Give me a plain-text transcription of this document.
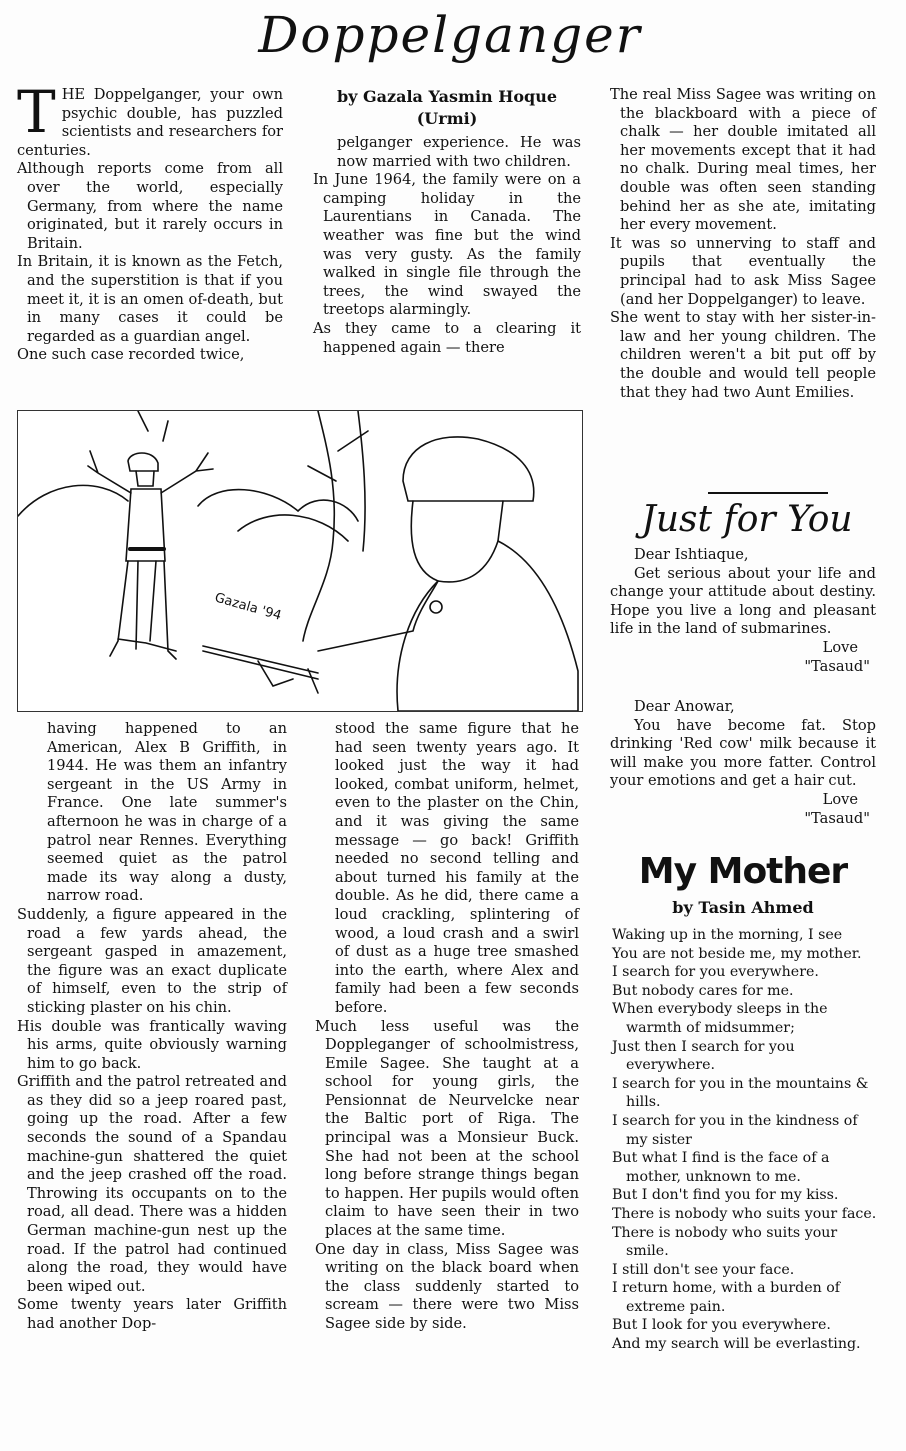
Doppelganger
T HE Doppelganger, your own psychic double, has puzzled scientists and researchers for centuries.

Although reports come from all over the world, especially Germany, from where the name originated, but it rarely occurs in Britain.

In Britain, it is known as the Fetch, and the superstition is that if you meet it, it is an omen of-death, but in many cases it could be regarded as a guardian angel.

One such case recorded twice,

by Gazala Yasmin Hoque
(Urmi)

pelganger experience. He was now married with two children.

In June 1964, the family were on a camping holiday in the Laurentians in Canada. The weather was fine but the wind was very gusty. As the family walked in single file through the trees, the wind swayed the treetops alarmingly.

As they came to a clearing it happened again — there

The real Miss Sagee was writing on the blackboard with a piece of chalk — her double imitated all her movements except that it had no chalk. During meal times, her double was often seen standing behind her as she ate, imitating her every movement.

It was so unnerving to staff and pupils that eventually the principal had to ask Miss Sagee (and her Doppelganger) to leave.

She went to stay with her sister-in-law and her young children. The children weren't a bit put off by the double and would tell people that they had two Aunt Emilies.

Gazala '94

having happened to an American, Alex B Griffith, in 1944. He was them an infantry sergeant in the US Army in France. One late summer's afternoon he was in charge of a patrol near Rennes. Everything seemed quiet as the patrol made its way along a dusty, narrow road.

Suddenly, a figure appeared in the road a few yards ahead, the sergeant gasped in amazement, the figure was an exact duplicate of himself, even to the strip of sticking plaster on his chin.

His double was frantically waving his arms, quite obviously warning him to go back.

Griffith and the patrol retreated and as they did so a jeep roared past, going up the road. After a few seconds the sound of a Spandau machine-gun shattered the quiet and the jeep crashed off the road. Throwing its occupants on to the road, all dead. There was a hidden German machine-gun nest up the road. If the patrol had continued along the road, they would have been wiped out.

Some twenty years later Griffith had another Dop-

stood the same figure that he had seen twenty years ago. It looked just the way it had looked, combat uniform, helmet, even to the plaster on the Chin, and it was giving the same message — go back! Griffith needed no second telling and about turned his family at the double. As he did, there came a loud crackling, splintering of wood, a loud crash and a swirl of dust as a huge tree smashed into the earth, where Alex and family had been a few seconds before.

Much less useful was the Doppleganger of schoolmistress, Emile Sagee. She taught at a school for young girls, the Pensionnat de Neurvelcke near the Baltic port of Riga. The principal was a Monsieur Buck. She had not been at the school long before strange things began to happen. Her pupils would often claim to have seen their in two places at the same time.

One day in class, Miss Sagee was writing on the black board when the class suddenly started to scream — there were two Miss Sagee side by side.

Just for You

Dear Ishtiaque,

Get serious about your life and change your attitude about destiny. Hope you live a long and pleasant life in the land of submarines.

Love

"Tasaud"

Dear Anowar,

You have become fat. Stop drinking 'Red cow' milk because it will make you more fatter. Control your emotions and get a hair cut.

Love

"Tasaud"

My Mother
by Tasin Ahmed

Waking up in the morning, I see

You are not beside me, my mother.

I search for you everywhere.

But nobody cares for me.

When everybody sleeps in the warmth of midsummer;

Just then I search for you everywhere.

I search for you in the mountains & hills.

I search for you in the kindness of my sister

But what I find is the face of a mother, unknown to me.

But I don't find you for my kiss.

There is nobody who suits your face.

There is nobody who suits your smile.

I still don't see your face.

I return home, with a burden of extreme pain.

But I look for you everywhere.

And my search will be everlasting.
